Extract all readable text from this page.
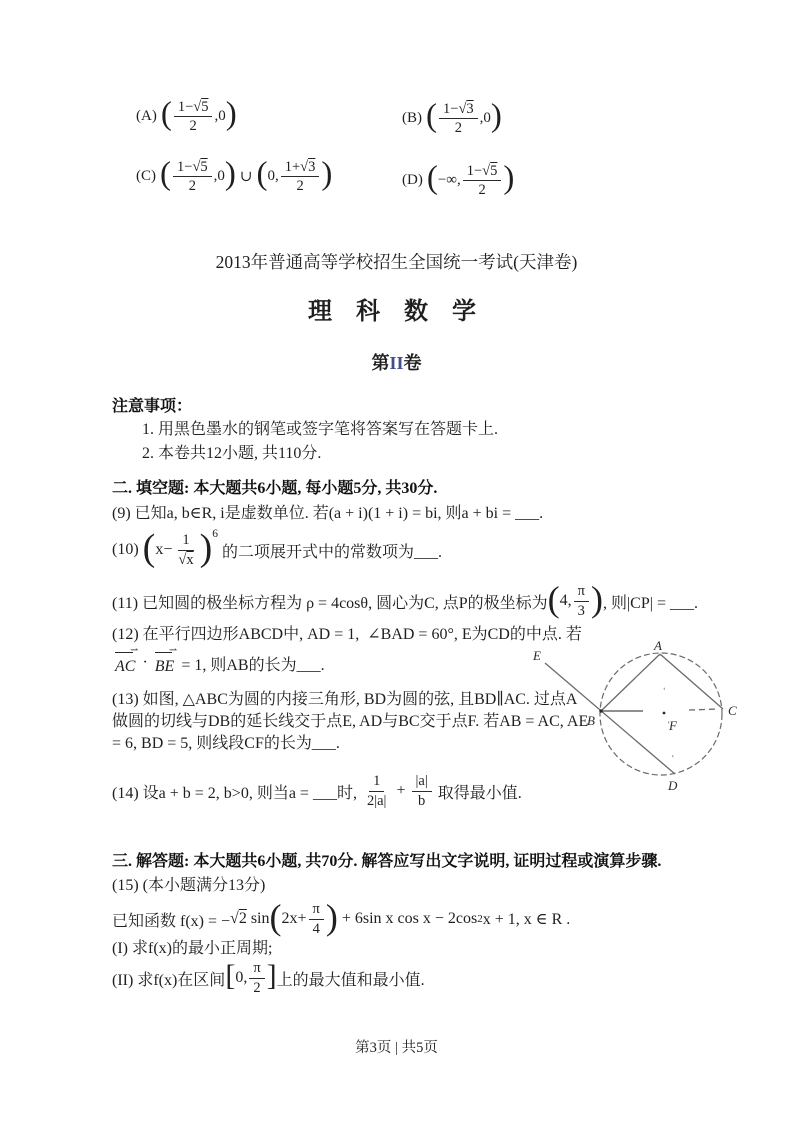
(A) ( $\frac{1-√5}{2} ,0$ )	(B) ( $\frac{1-√3}{2} ,0$ )
(C) ( $\frac{1-√5}{2} ,0$ ) ∪ ( 0, $\frac{1+√3}{2}$ )	(D) ( −∞, $\frac{1-√5}{2}$ )
2013年普通高等学校招生全国统一考试(天津卷)
理 科 数 学
第II卷
注意事项：
1. 用黑色墨水的钢笔或签字笔将答案写在答题卡上.
2. 本卷共12小题, 共110分.
二. 填空题: 本大题共6小题, 每小题5分, 共30分.
(9) 已知a, b∈R, i是虚数单位. 若(a + i)(1 + i) = bi, 则a + bi = ___.
(10) ( $x- \frac{1}{√x}$ ) 6
的二项展开式中的常数项为___.
(11) 已知圆的极坐标方程为 ρ = 4cosθ, 圆心为C, 点P的极坐标为 ( 4, $\frac{\pi}{3}$ ) , 则|CP| = ___.
(12) 在平行四边形ABCD中, AD = 1,  ∠BAD = 60°, E为CD的中点. 若
⇀
AC ·
⇀
BE = 1, 则AB的长为___.
(13) 如图, △ABC为圆的内接三角形, BD为圆的弦, 且BD∥AC. 过点A
做圆的切线与DB的延长线交于点E, AD与BC交于点F. 若AB = AC, AE
= 6, BD = 5, 则线段CF的长为___.
A
B
C
D
E
F
(14) 设a + b = 2, b>0, 则当a = ___时, $\frac{1}{2|a|} + \frac{|a|}{b}$ 取得最小值.
三. 解答题: 本大题共6小题, 共70分. 解答应写出文字说明, 证明过程或演算步骤.
(15) (本小题满分13分)
已知函数 f(x) = − √ 2 sin ( $2x+ \frac{\pi}{4}$ ) + 6sin x cos x − 2cos 2 x + 1, x ∈ R .
(I) 求f(x)的最小正周期;
(II) 求f(x)在区间 [ 0, $\frac{\pi}{2}$ ] 上的最大值和最小值.
第3页 | 共5页
